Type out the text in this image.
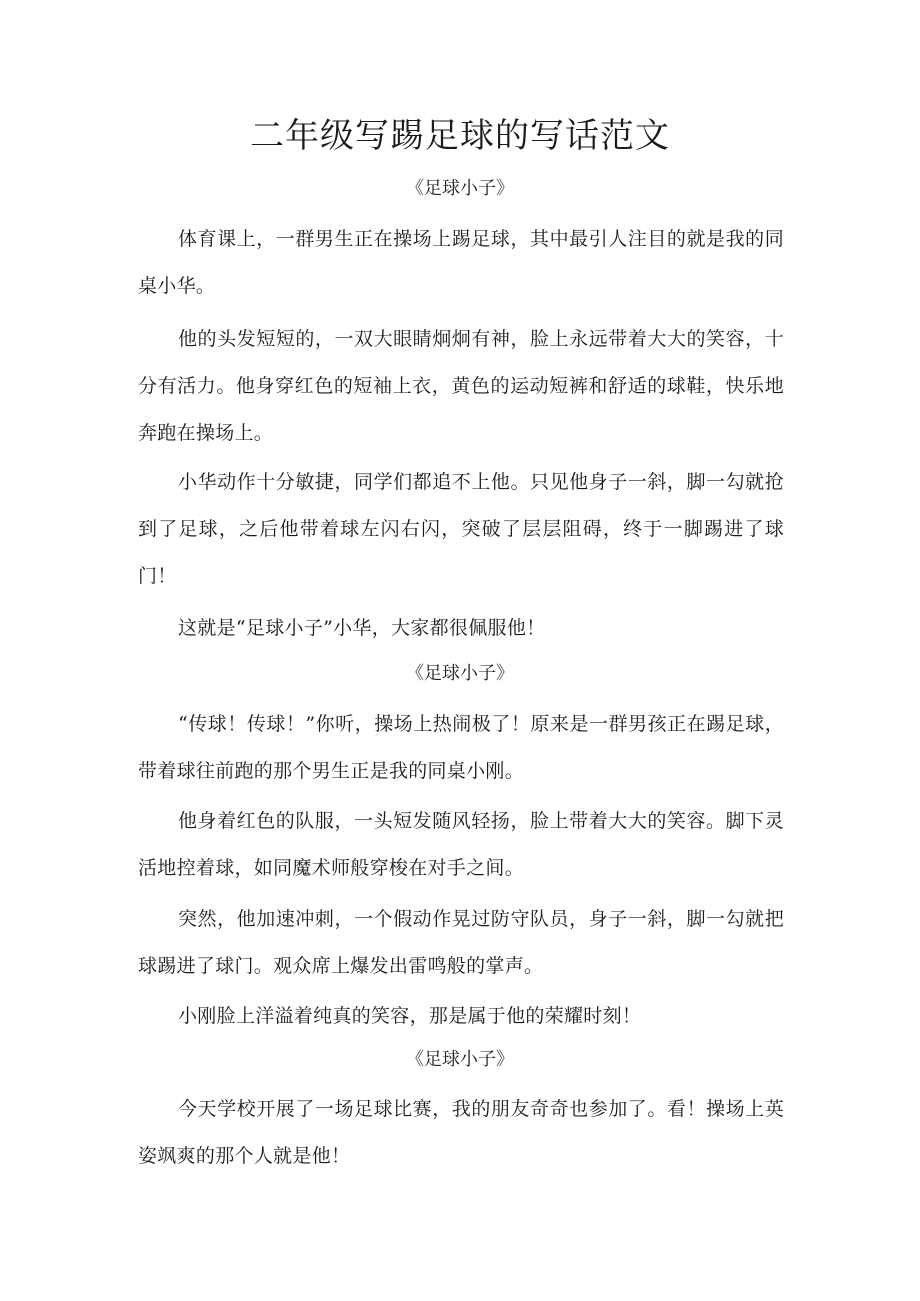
二年级写踢足球的写话范文

《足球小子》

体育课上，一群男生正在操场上踢足球，其中最引人注目的就是我的同桌小华。

他的头发短短的，一双大眼睛炯炯有神，脸上永远带着大大的笑容，十分有活力。他身穿红色的短袖上衣，黄色的运动短裤和舒适的球鞋，快乐地奔跑在操场上。

小华动作十分敏捷，同学们都追不上他。只见他身子一斜，脚一勾就抢到了足球，之后他带着球左闪右闪，突破了层层阻碍，终于一脚踢进了球门！

这就是“足球小子”小华，大家都很佩服他！

《足球小子》

“传球！传球！”你听，操场上热闹极了！原来是一群男孩正在踢足球，带着球往前跑的那个男生正是我的同桌小刚。

他身着红色的队服，一头短发随风轻扬，脸上带着大大的笑容。脚下灵活地控着球，如同魔术师般穿梭在对手之间。

突然，他加速冲刺，一个假动作晃过防守队员，身子一斜，脚一勾就把球踢进了球门。观众席上爆发出雷鸣般的掌声。

小刚脸上洋溢着纯真的笑容，那是属于他的荣耀时刻！

《足球小子》

今天学校开展了一场足球比赛，我的朋友奇奇也参加了。看！操场上英姿飒爽的那个人就是他！
